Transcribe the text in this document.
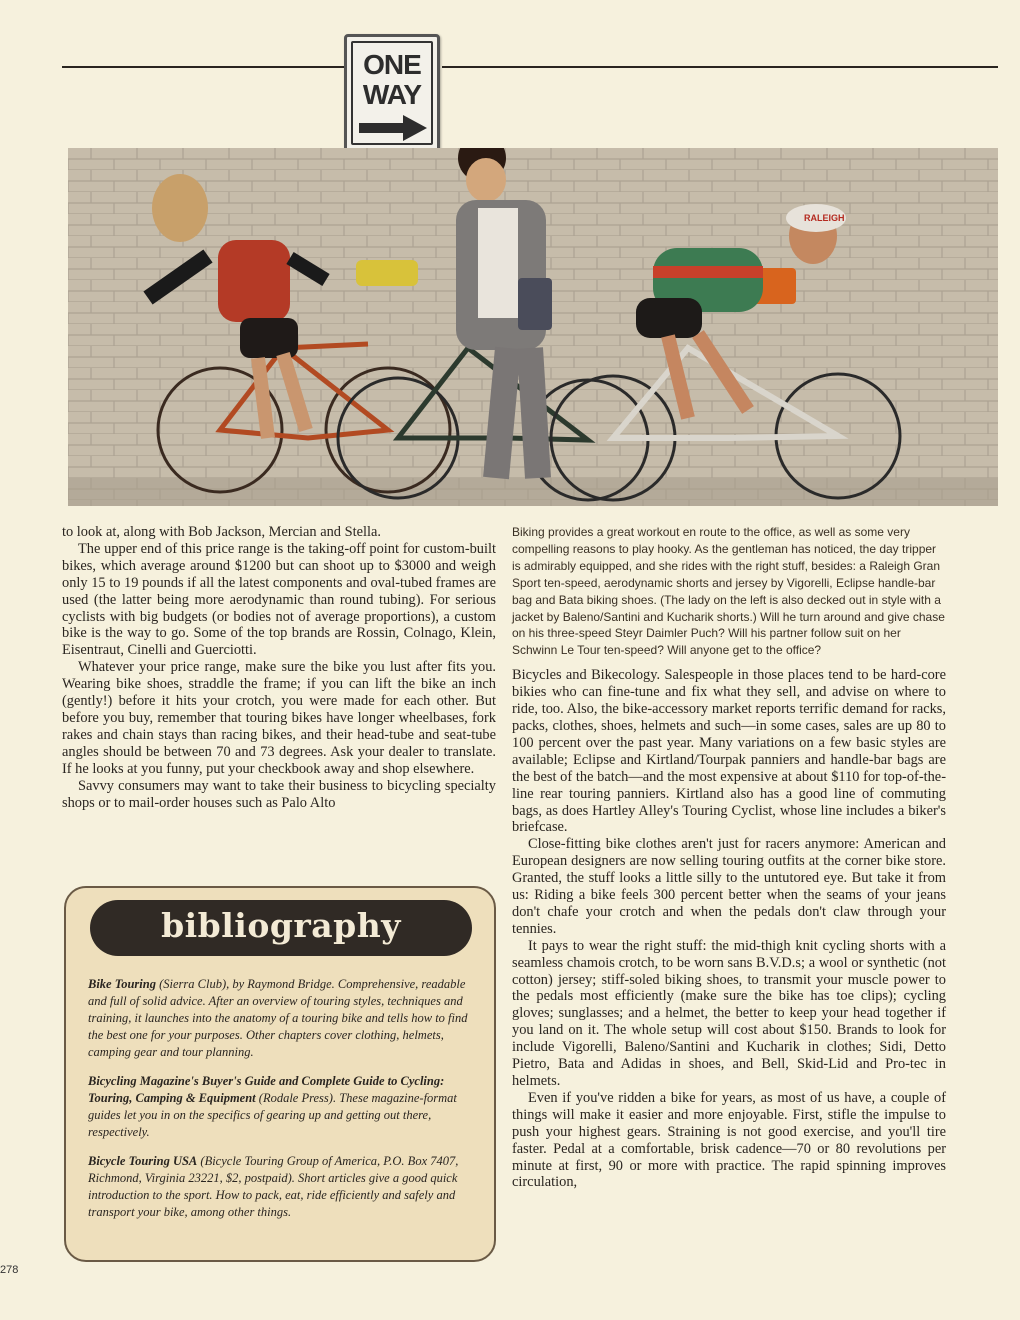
ONE
WAY
RALEIGH

to look at, along with Bob Jackson, Mercian and Stella.

The upper end of this price range is the taking-off point for custom-built bikes, which average around $1200 but can shoot up to $3000 and weigh only 15 to 19 pounds if all the latest components and oval-tubed frames are used (the latter being more aerodynamic than round tubing). For serious cyclists with big budgets (or bodies not of average proportions), a custom bike is the way to go. Some of the top brands are Rossin, Colnago, Klein, Eisentraut, Cinelli and Guerciotti.

Whatever your price range, make sure the bike you lust after fits you. Wearing bike shoes, straddle the frame; if you can lift the bike an inch (gently!) before it hits your crotch, you were made for each other. But before you buy, remember that touring bikes have longer wheelbases, fork rakes and chain stays than racing bikes, and their head-tube and seat-tube angles should be between 70 and 73 degrees. Ask your dealer to translate. If he looks at you funny, put your checkbook away and shop elsewhere.

Savvy consumers may want to take their business to bicycling specialty shops or to mail-order houses such as Palo Alto

Biking provides a great workout en route to the office, as well as some very compelling reasons to play hooky. As the gentleman has noticed, the day tripper is admirably equipped, and she rides with the right stuff, besides: a Raleigh Gran Sport ten-speed, aerodynamic shorts and jersey by Vigorelli, Eclipse handle-bar bag and Bata biking shoes. (The lady on the left is also decked out in style with a jacket by Baleno/Santini and Kucharik shorts.) Will he turn around and give chase on his three-speed Steyr Daimler Puch? Will his partner follow suit on her Schwinn Le Tour ten-speed? Will anyone get to the office?

Bicycles and Bikecology. Salespeople in those places tend to be hard-core bikies who can fine-tune and fix what they sell, and advise on where to ride, too. Also, the bike-accessory market reports terrific demand for racks, packs, clothes, shoes, helmets and such—in some cases, sales are up 80 to 100 percent over the past year. Many variations on a few basic styles are available; Eclipse and Kirtland/Tourpak panniers and handle-bar bags are the best of the batch—and the most expensive at about $110 for top-of-the-line rear touring panniers. Kirtland also has a good line of commuting bags, as does Hartley Alley's Touring Cyclist, whose line includes a biker's briefcase.

Close-fitting bike clothes aren't just for racers anymore: American and European designers are now selling touring outfits at the corner bike store. Granted, the stuff looks a little silly to the untutored eye. But take it from us: Riding a bike feels 300 percent better when the seams of your jeans don't chafe your crotch and when the pedals don't claw through your tennies.

It pays to wear the right stuff: the mid-thigh knit cycling shorts with a seamless chamois crotch, to be worn sans B.V.D.s; a wool or synthetic (not cotton) jersey; stiff-soled biking shoes, to transmit your muscle power to the pedals most efficiently (make sure the bike has toe clips); cycling gloves; sunglasses; and a helmet, the better to keep your head together if you land on it. The whole setup will cost about $150. Brands to look for include Vigorelli, Baleno/Santini and Kucharik in clothes; Sidi, Detto Pietro, Bata and Adidas in shoes, and Bell, Skid-Lid and Pro-tec in helmets.

Even if you've ridden a bike for years, as most of us have, a couple of things will make it easier and more enjoyable. First, stifle the impulse to push your highest gears. Straining is not good exercise, and you'll tire faster. Pedal at a comfortable, brisk cadence—70 or 80 revolutions per minute at first, 90 or more with practice. The rapid spinning improves circulation,

bibliography

Bike Touring (Sierra Club), by Raymond Bridge. Comprehensive, readable and full of solid advice. After an overview of touring styles, techniques and training, it launches into the anatomy of a touring bike and tells how to find the best one for your purposes. Other chapters cover clothing, helmets, camping gear and tour planning.

Bicycling Magazine's Buyer's Guide and Complete Guide to Cycling: Touring, Camping & Equipment (Rodale Press). These magazine-format guides let you in on the specifics of gearing up and getting out there, respectively.

Bicycle Touring USA (Bicycle Touring Group of America, P.O. Box 7407, Richmond, Virginia 23221, $2, postpaid). Short articles give a good quick introduction to the sport. How to pack, eat, ride efficiently and safely and transport your bike, among other things.

278
